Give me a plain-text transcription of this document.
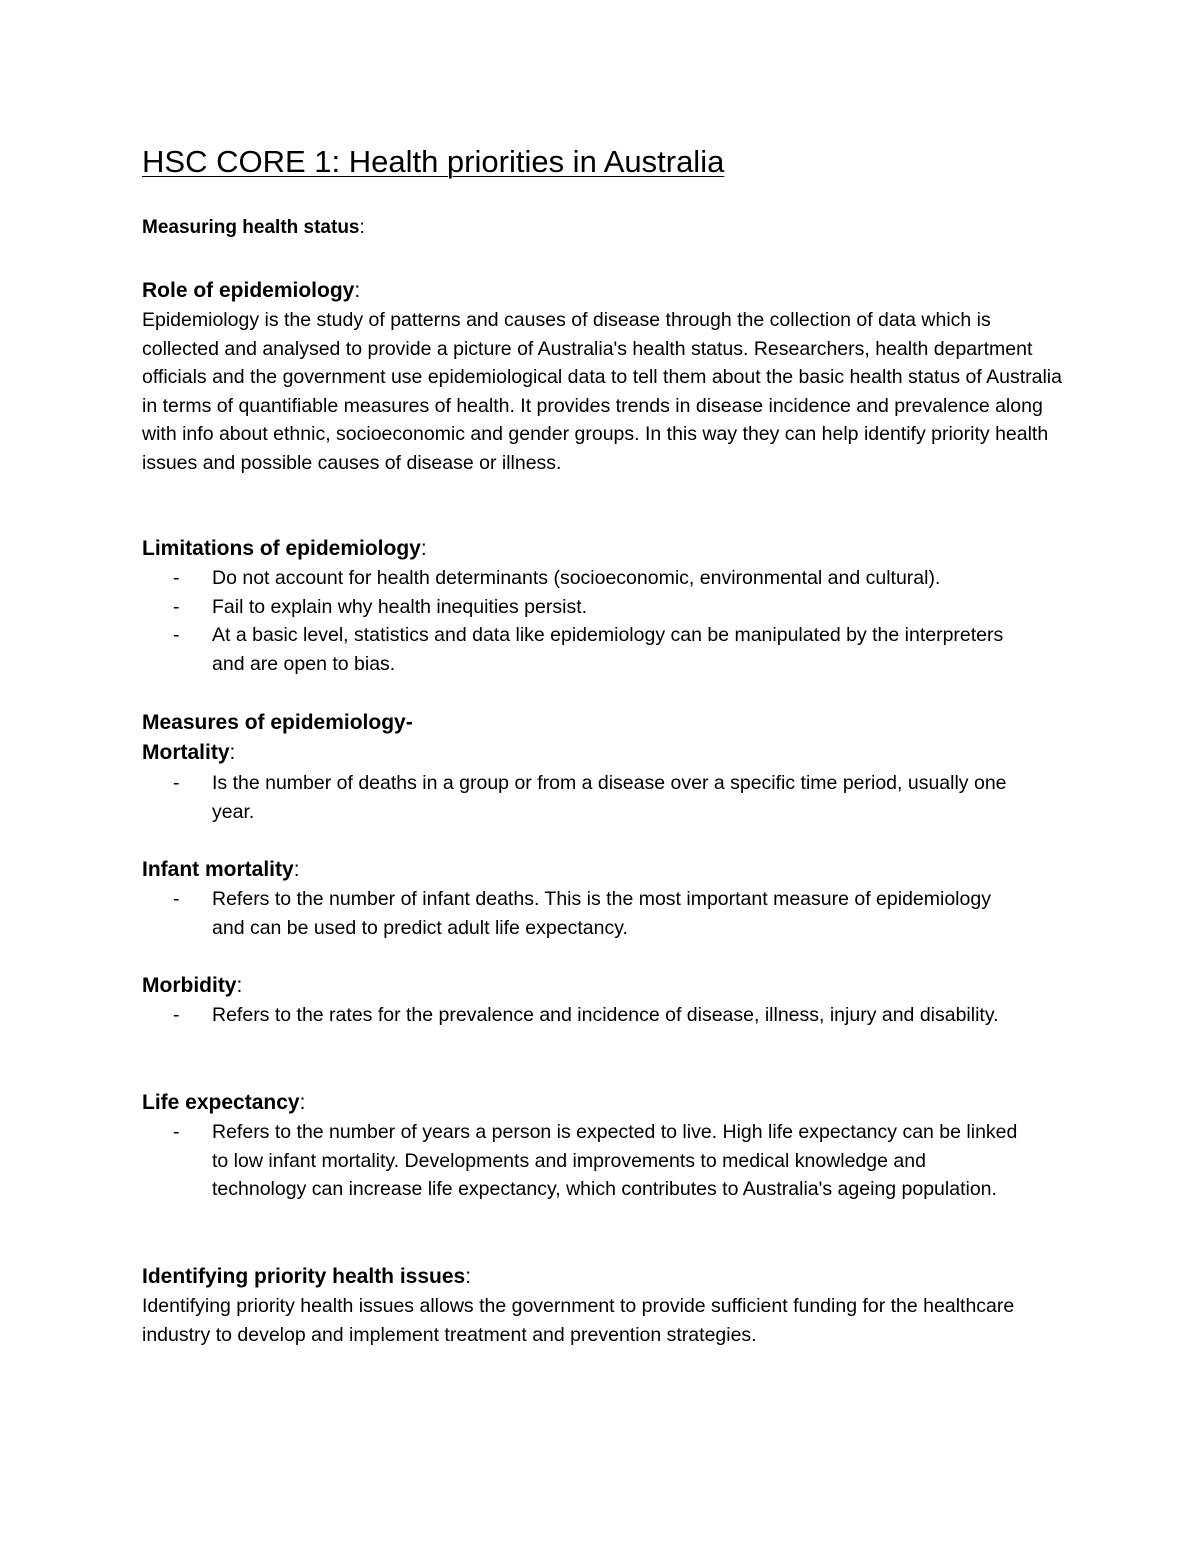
HSC CORE 1: Health priorities in Australia
Measuring health status:
Role of epidemiology:

Epidemiology is the study of patterns and causes of disease through the collection of data which is collected and analysed to provide a picture of Australia's health status. Researchers, health department officials and the government use epidemiological data to tell them about the basic health status of Australia in terms of quantifiable measures of health. It provides trends in disease incidence and prevalence along with info about ethnic, socioeconomic and gender groups. In this way they can help identify priority health issues and possible causes of disease or illness.

Limitations of epidemiology:
- Do not account for health determinants (socioeconomic, environmental and cultural).
- Fail to explain why health inequities persist.
- At a basic level, statistics and data like epidemiology can be manipulated by the interpreters and are open to bias.
Measures of epidemiology-
Mortality:
- Is the number of deaths in a group or from a disease over a specific time period, usually one year.
Infant mortality:
- Refers to the number of infant deaths. This is the most important measure of epidemiology and can be used to predict adult life expectancy.
Morbidity:
- Refers to the rates for the prevalence and incidence of disease, illness, injury and disability.
Life expectancy:
- Refers to the number of years a person is expected to live. High life expectancy can be linked to low infant mortality. Developments and improvements to medical knowledge and technology can increase life expectancy, which contributes to Australia's ageing population.
Identifying priority health issues:

Identifying priority health issues allows the government to provide sufficient funding for the healthcare industry to develop and implement treatment and prevention strategies.
